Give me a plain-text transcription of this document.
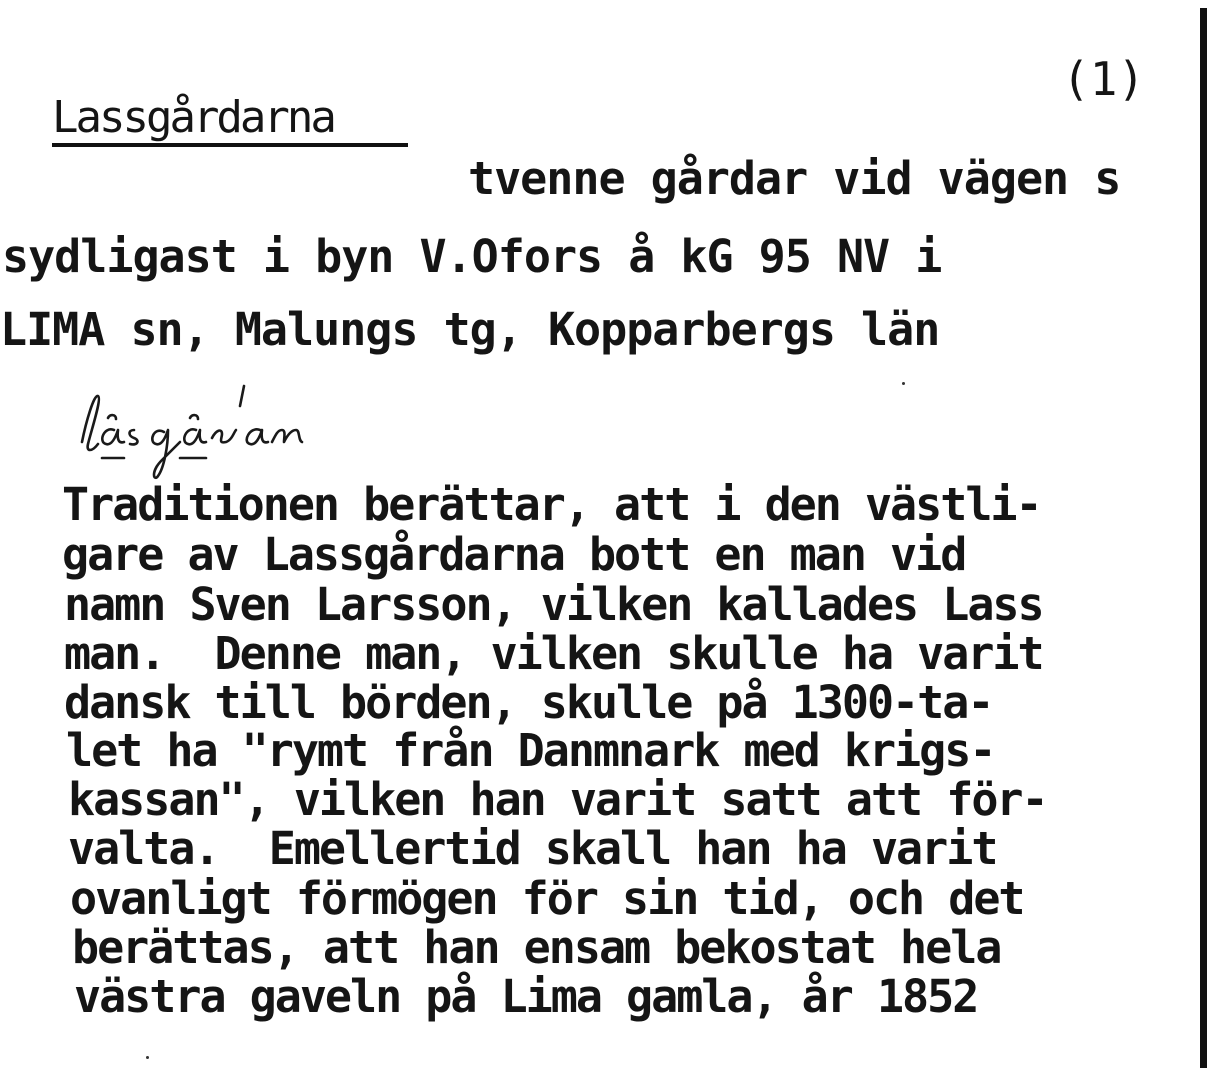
(1)
Lassgårdarna
tvenne gårdar vid vägen s
sydligast i byn V.Ofors å kG 95 NV i
LIMA sn, Malungs tg, Kopparbergs län
Traditionen berättar, att i den västli-
gare av Lassgårdarna bott en man vid
namn Sven Larsson, vilken kallades Lass
man.  Denne man, vilken skulle ha varit
dansk till börden, skulle på 1300-ta-
let ha "rymt från Danmnark med krigs-
kassan", vilken han varit satt att för-
valta.  Emellertid skall han ha varit
ovanligt förmögen för sin tid, och det
berättas, att han ensam bekostat hela
västra gaveln på Lima gamla, år 1852
